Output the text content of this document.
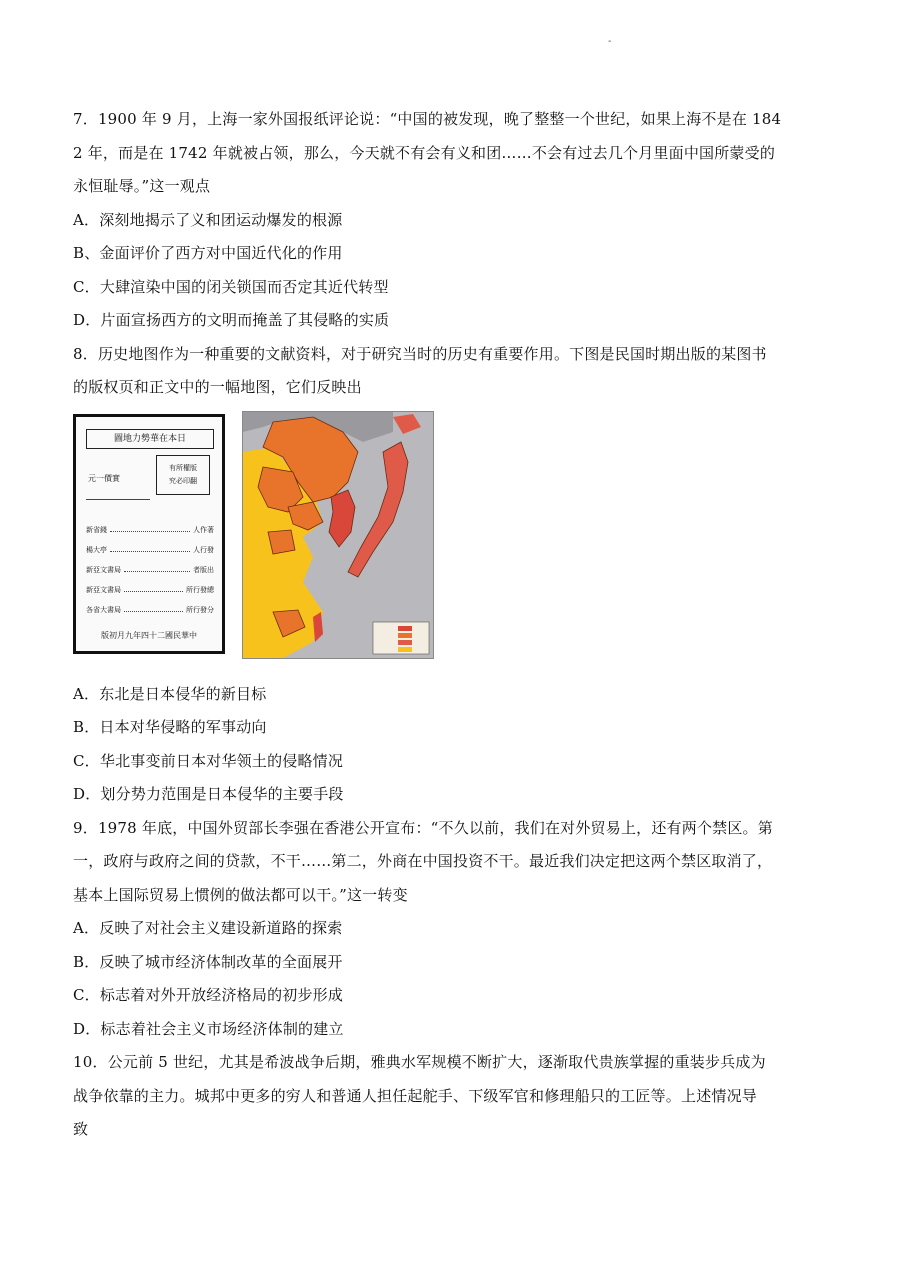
-
7．1900 年 9 月，上海一家外国报纸评论说：“中国的被发现，晚了整整一个世纪，如果上海不是在 184
2 年，而是在 1742 年就被占领，那么，今天就不有会有义和团……不会有过去几个月里面中国所蒙受的
永恒耻辱。”这一观点
A．深刻地揭示了义和团运动爆发的根源
B、金面评价了西方对中国近代化的作用
C．大肆渲染中国的闭关锁国而否定其近代转型
D．片面宣扬西方的文明而掩盖了其侵略的实质
8．历史地图作为一种重要的文献资料，对于研究当时的历史有重要作用。下图是民国时期出版的某图书
的版权页和正文中的一幅地图，它们反映出
圖地力勢華在本日
有所權版
究必印翻
元一價實
新省錢	人作著
楊大亭	人行發
新亞文書局	者版出
新亞文書局	所行發總
各省大書局	所行發分
版初月九年四十二國民華中
A．东北是日本侵华的新目标
B．日本对华侵略的军事动向
C．华北事变前日本对华领土的侵略情况
D．划分势力范围是日本侵华的主要手段
9．1978 年底，中国外贸部长李强在香港公开宣布：“不久以前，我们在对外贸易上，还有两个禁区。第
一，政府与政府之间的贷款，不干……第二，外商在中国投资不干。最近我们决定把这两个禁区取消了，
基本上国际贸易上惯例的做法都可以干。”这一转变
A．反映了对社会主义建设新道路的探索
B．反映了城市经济体制改革的全面展开
C．标志着对外开放经济格局的初步形成
D．标志着社会主义市场经济体制的建立
10．公元前 5 世纪，尤其是希波战争后期，雅典水军规模不断扩大，逐渐取代贵族掌握的重装步兵成为
战争依靠的主力。城邦中更多的穷人和普通人担任起舵手、下级军官和修理船只的工匠等。上述情况导
致
